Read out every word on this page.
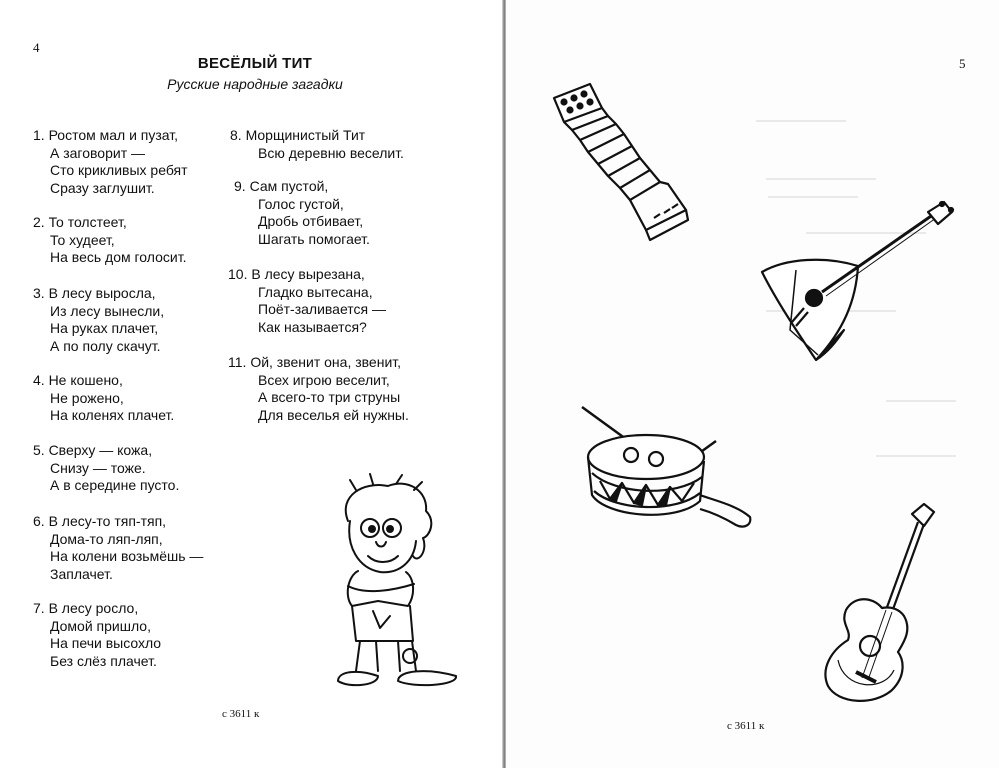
4
ВЕСЁЛЫЙ ТИТ
Русские народные загадки
1. Ростом мал и пузат,
А заговорит —
Сто крикливых ребят
Сразу заглушит.
2. То толстеет,
То худеет,
На весь дом голосит.
3. В лесу выросла,
Из лесу вынесли,
На руках плачет,
А по полу скачут.
4. Не кошено,
Не рожено,
На коленях плачет.
5. Сверху — кожа,
Снизу — тоже.
А в середине пусто.
6. В лесу-то тяп-тяп,
Дома-то ляп-ляп,
На колени возьмёшь —
Заплачет.
7. В лесу росло,
Домой пришло,
На печи высохло
Без слёз плачет.
8. Морщинистый Тит
Всю деревню веселит.
9. Сам пустой,
Голос густой,
Дробь отбивает,
Шагать помогает.
10. В лесу вырезана,
Гладко вытесана,
Поёт-заливается —
Как называется?
11. Ой, звенит она, звенит,
Всех игрою веселит,
А всего-то три струны
Для веселья ей нужны.
с 3611 к
5
с 3611 к
